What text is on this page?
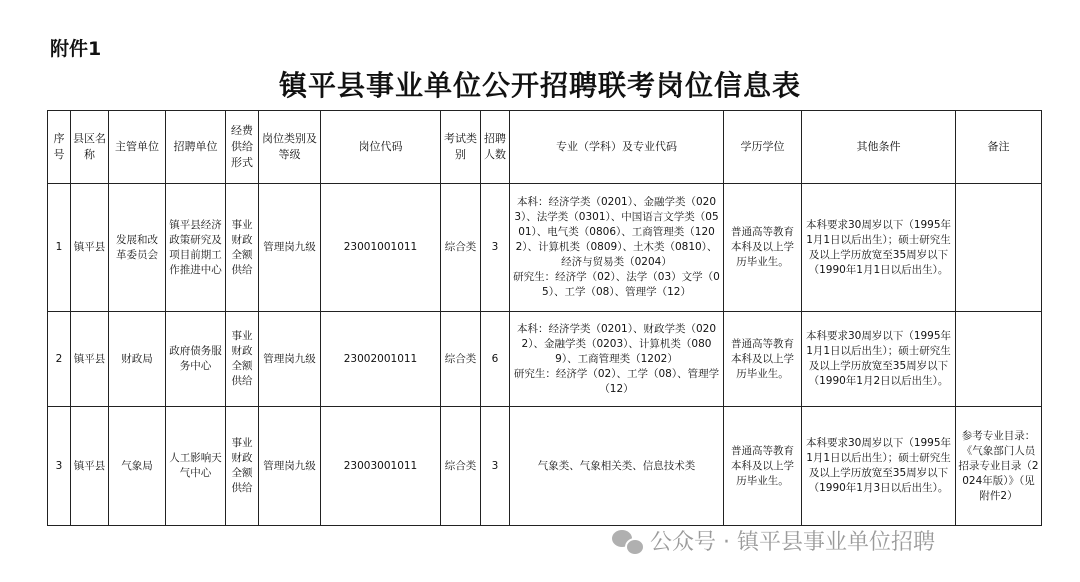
附件1
镇平县事业单位公开招聘联考岗位信息表
序号	县区名称	主管单位	招聘单位	经费供给形式	岗位类别及等级	岗位代码	考试类别	招聘人数	专业（学科）及专业代码	学历学位	其他条件	备注
1	镇平县	发展和改革委员会	镇平县经济政策研究及项目前期工作推进中心	事业财政全额供给	管理岗九级	23001001011	综合类	3	本科：经济学类（0201）、金融学类（0203）、法学类（0301）、中国语言文学类（0501）、电气类（0806）、工商管理类（1202）、计算机类（0809）、土木类（0810）、经济与贸易类（0204）
研究生：经济学（02）、法学（03）文学（05）、工学（08）、管理学（12）	普通高等教育本科及以上学历毕业生。	本科要求30周岁以下（1995年1月1日以后出生）；硕士研究生及以上学历放宽至35周岁以下（1990年1月1日以后出生）。	
2	镇平县	财政局	政府债务服务中心	事业财政全额供给	管理岗九级	23002001011	综合类	6	本科：经济学类（0201）、财政学类（0202）、金融学类（0203）、计算机类（0809）、工商管理类（1202）
研究生：经济学（02）、工学（08）、管理学（12）	普通高等教育本科及以上学历毕业生。	本科要求30周岁以下（1995年1月1日以后出生）；硕士研究生及以上学历放宽至35周岁以下（1990年1月2日以后出生）。	
3	镇平县	气象局	人工影响天气中心	事业财政全额供给	管理岗九级	23003001011	综合类	3	气象类、气象相关类、信息技术类	普通高等教育本科及以上学历毕业生。	本科要求30周岁以下（1995年1月1日以后出生）；硕士研究生及以上学历放宽至35周岁以下（1990年1月3日以后出生）。	参考专业目录：《气象部门人员招录专业目录（2024年版）》（见附件2）
公众号 · 镇平县事业单位招聘
